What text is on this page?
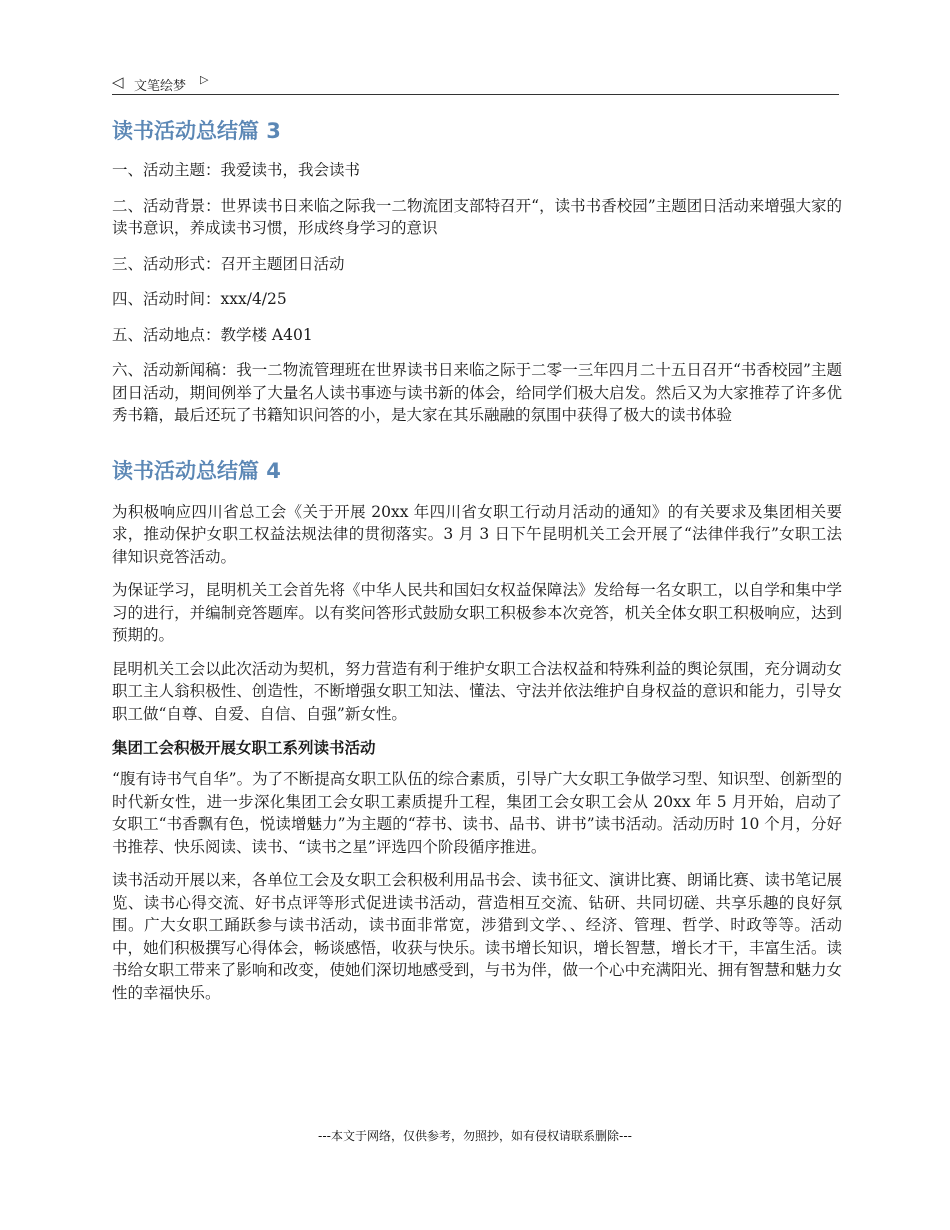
◁ 文笔绘梦 ▷
读书活动总结篇 3

一、活动主题：我爱读书，我会读书

二、活动背景：世界读书日来临之际我一二物流团支部特召开“，读书书香校园”主题团日活动来增强大家的读书意识，养成读书习惯，形成终身学习的意识

三、活动形式：召开主题团日活动

四、活动时间：xxx/4/25

五、活动地点：教学楼 A401

六、活动新闻稿：我一二物流管理班在世界读书日来临之际于二零一三年四月二十五日召开“书香校园”主题团日活动，期间例举了大量名人读书事迹与读书新的体会，给同学们极大启发。然后又为大家推荐了许多优秀书籍，最后还玩了书籍知识问答的小，是大家在其乐融融的氛围中获得了极大的读书体验

读书活动总结篇 4

为积极响应四川省总工会《关于开展 20xx 年四川省女职工行动月活动的通知》的有关要求及集团相关要求，推动保护女职工权益法规法律的贯彻落实。3 月 3 日下午昆明机关工会开展了“法律伴我行”女职工法律知识竞答活动。

为保证学习，昆明机关工会首先将《中华人民共和国妇女权益保障法》发给每一名女职工，以自学和集中学习的进行，并编制竞答题库。以有奖问答形式鼓励女职工积极参本次竞答，机关全体女职工积极响应，达到预期的。

昆明机关工会以此次活动为契机，努力营造有利于维护女职工合法权益和特殊利益的舆论氛围，充分调动女职工主人翁积极性、创造性，不断增强女职工知法、懂法、守法并依法维护自身权益的意识和能力，引导女职工做“自尊、自爱、自信、自强”新女性。

集团工会积极开展女职工系列读书活动

“腹有诗书气自华”。为了不断提高女职工队伍的综合素质，引导广大女职工争做学习型、知识型、创新型的时代新女性，进一步深化集团工会女职工素质提升工程，集团工会女职工会从 20xx 年 5 月开始，启动了女职工“书香飘有色，悦读增魅力”为主题的“荐书、读书、品书、讲书”读书活动。活动历时 10 个月，分好书推荐、快乐阅读、读书、“读书之星”评选四个阶段循序推进。

读书活动开展以来，各单位工会及女职工会积极利用品书会、读书征文、演讲比赛、朗诵比赛、读书笔记展览、读书心得交流、好书点评等形式促进读书活动，营造相互交流、钻研、共同切磋、共享乐趣的良好氛围。广大女职工踊跃参与读书活动，读书面非常宽，涉猎到文学、、经济、管理、哲学、时政等等。活动中，她们积极撰写心得体会，畅谈感悟，收获与快乐。读书增长知识，增长智慧，增长才干，丰富生活。读书给女职工带来了影响和改变，使她们深切地感受到，与书为伴，做一个心中充满阳光、拥有智慧和魅力女性的幸福快乐。

---本文于网络，仅供参考，勿照抄，如有侵权请联系删除---
